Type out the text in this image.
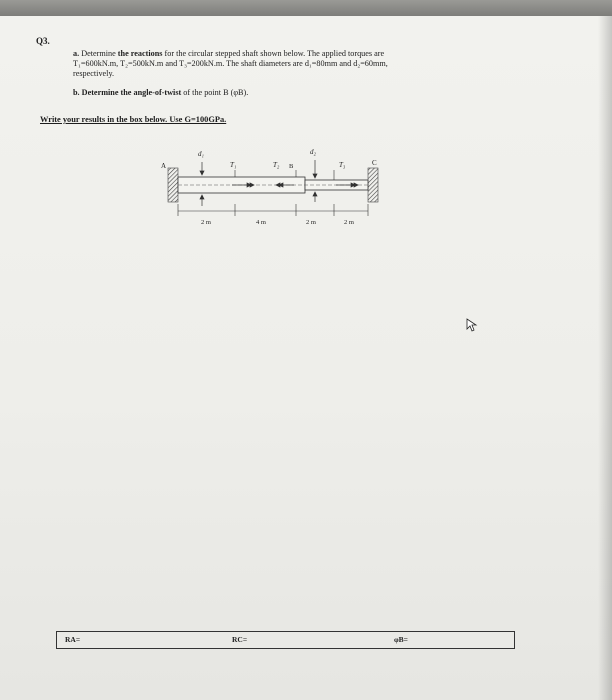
Q3.
a. Determine the reactions for the circular stepped shaft shown below. The applied torques are
T₁=600kN.m, T₂=500kN.m and T₃=200kN.m. The shaft diameters are d₁=80mm and d₂=60mm,
respectively.
b. Determine the angle-of-twist of the point B (φB).
Write your results in the box below. Use G=100GPa.
A	B	C
d₁	d₂
T₁	T₂	T₃
2 m	4 m	2 m	2 m
RA=	RC=	φB=
